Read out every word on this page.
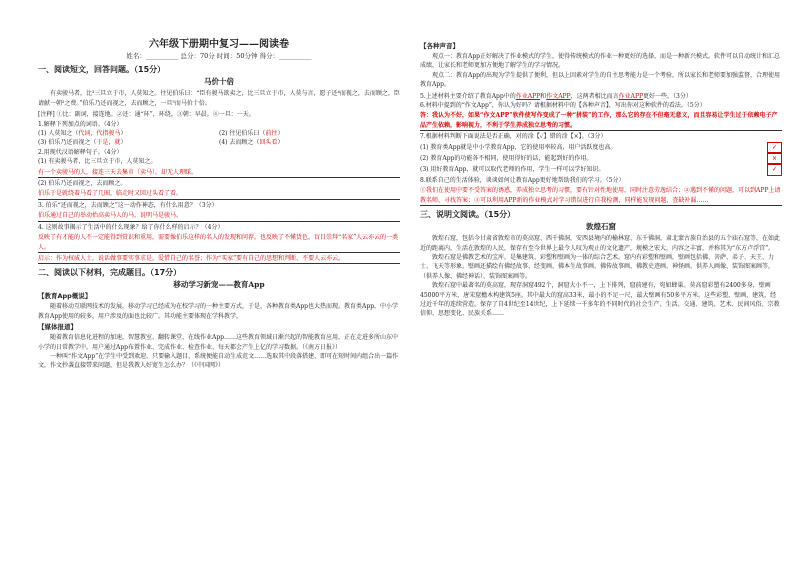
六年级下册期中复习——阅读卷
姓名：__________ 总分：70分 时间：50分钟 得分：__________
一、阅读短文，回答问题。（15分）
马价十倍

有卖骏马者，比³三旦立于市，人莫知之。往见伯乐曰：“臣有骏马欲卖之，比三旦立于市，人莫与言，愿子还⁴而视之，去而顾之，臣请献一朝²之费。”伯乐乃还而视之，去而顾之，一旦⁵而马价十倍。

[注释] ①比：副词，接连地。②还：通“环”，环绕。③朝：早晨。④一旦：一天。
1.解释下列加点的词语。（4分）
(1) 人莫知之（代词，代指骏马）	(2) 往见伯乐曰（前往）
(3) 伯乐乃还而视之（于是，就）	(4) 去而顾之（回头看）
2.用现代汉语解释句子。（4分）
(1) 有卖骏马者，比三旦立于市，人莫知之。
有一个卖骏马的人，接连三天去集市（卖马），却无人理睬。
(2) 伯乐乃还而视之，去而顾之。
伯乐于是就绕着马看了几圈，临走时又回过头看了看。
3. 伯乐“还而视之，去而顾之”这一动作神态，有什么用意？（3分）
伯乐通过自己的举动抬高卖马人的马，说明马是骏马。
4. 这则故事揭示了生活中的什么现象？给了你什么样的启示？（4分）
反映了有才能的人不一定能得到赏识和重用，需要像伯乐这样的名人的发现和问荐。也反映了不懂货色，盲目崇拜“名家”人云亦云的一类人。
启示：作为权威人士，说话做事要实事求是，爱惜自己的名誉；作为“买家”要有自己的思想和判断，不要人云亦云。
二、阅读以下材料，完成题目。（17分）
移动学习新宠——教育App
【教育App概说】

随着移动互联网技术的发展，移动学习已经成为在校学习的一种主要方式，于是，各种教育类App也大热而现。教育类App，中小学教育App使用的较多，用户涉及的面也比较广。其功能主要体现在学科教学。

【媒体报道】

随着教育信息化进程的加速，智慧教室、翻转课堂、在线作业App……这些教育领域日渐兴起的智能教育应用，正在走进多所山东中小学的日常教学中。用户通过App布置作业、完成作业、检查作业、每天都会产生上亿的学习数据。（《南方日报》）

一种叫“作文App”在学生中受到欢迎，只要输入题目，系统便能自动生成范文……选取其中段落搭建，即可在短时间内组合出一篇作文，作文抄袭直接带来问题，但是我教人好宽生怎么办？（《中国网》）

【各种声音】

观点一：教育App正好解决了作业模式的学生，使得传统模式的作业一种更好的选择，而是一种新兴模式。软件可以自动统计和汇总成绩，让家长和老师更加方便地了解学生的学习情况。

观点二：教育App的出现为学生提供了便利，但以上因素对学生的自主思考能力是一个考验，所以家长和老师要加强监督，合理使用教育App。

5.上述材料主要介绍了教育App中的作业APP和作文APP，这两者相比而言作业APP更好一些。（3分）
6.材料中提到的“作文App”，你认为好吗？请根据材料中的【各种声音】，写出你对这种软件的看法。（5分）
答：我认为不好，如果“作文APP”软件使写作变成了一种“拼装”的工作，那么它的存在不但毫无意义，而且容易让学生过于依赖电子产品产生依赖，影响视力，不利于学生养成独立思考的习惯。
7.根据材料判断下面说法是否正确，对的涂【✓】错的涂【×】。（3分）
(1) 教育类App就是中小学教育App，它的使用率较高，用户活跃度也高。	✓
(2) 教育App的功能各不相同，使用得好的话，能起到好的作用。	×
(3) 用好教育App，就可以取代老师的作用，学生一样可以学好知识。	✓
8.联系自己的生活体验，谈谈如何让教育App更好地帮助我们的学习。（5分）
①我们在使用中要不受答案的诱惑，养成独立思考的习惯，要有针对性地使用，同时注意劳逸结合；②遇到不懂的问题，可以到APP上请教名师，寻找答案；③可以利用APP新的作业模式对学习错误进行自我检测，同样能发现问题，查缺补漏……
三、说明文阅读。（15分）
敦煌石窟

敦煌石窟，包括今甘肃省敦煌市的莫高窟、西千佛洞，安西县境内的榆林窟、东千佛洞，肃北蒙古族自治县的五个庙石窟等，在如此近的距离内，生活在敦煌的人民，保存有至今世界上最令人叹为观止的文化遗产，规模之宏大，内容之丰富，并称其为“东方卢浮宫”。

敦煌石窟是佛教艺术的宝库，是集建筑、彩塑和壁画为一体的综合艺术。窟内有彩塑和壁画，壁画包括佛、菩萨、弟子、天王、力士、飞天等形象。壁画还描绘有佛经故事、经变画、佛本生故事画、佛传故事画、佛教史迹画、神怪画、供养人画像、装饰图案画等，（供养人像、佛经神话）、装饰图案画等。

敦煌石窟中最著名的莫高窟，现存洞窟492个，洞窟大小不一，上下排列，窟前建有，宛如蜂巢。莫高窟彩塑有2400多身，壁画45000平方米，唐宋窟檐木构建筑5座。其中最大的窟高33米，最小的不足一尺，最大壁画有50多平方米。这些彩塑、壁画、建筑，经过近千年的连续营造，保存了自4世纪至14世纪，上下延续一千多年的不同时代的社会生产、生活、交通、建筑、艺术、民间风俗、宗教信仰、思想变化、民族关系……
